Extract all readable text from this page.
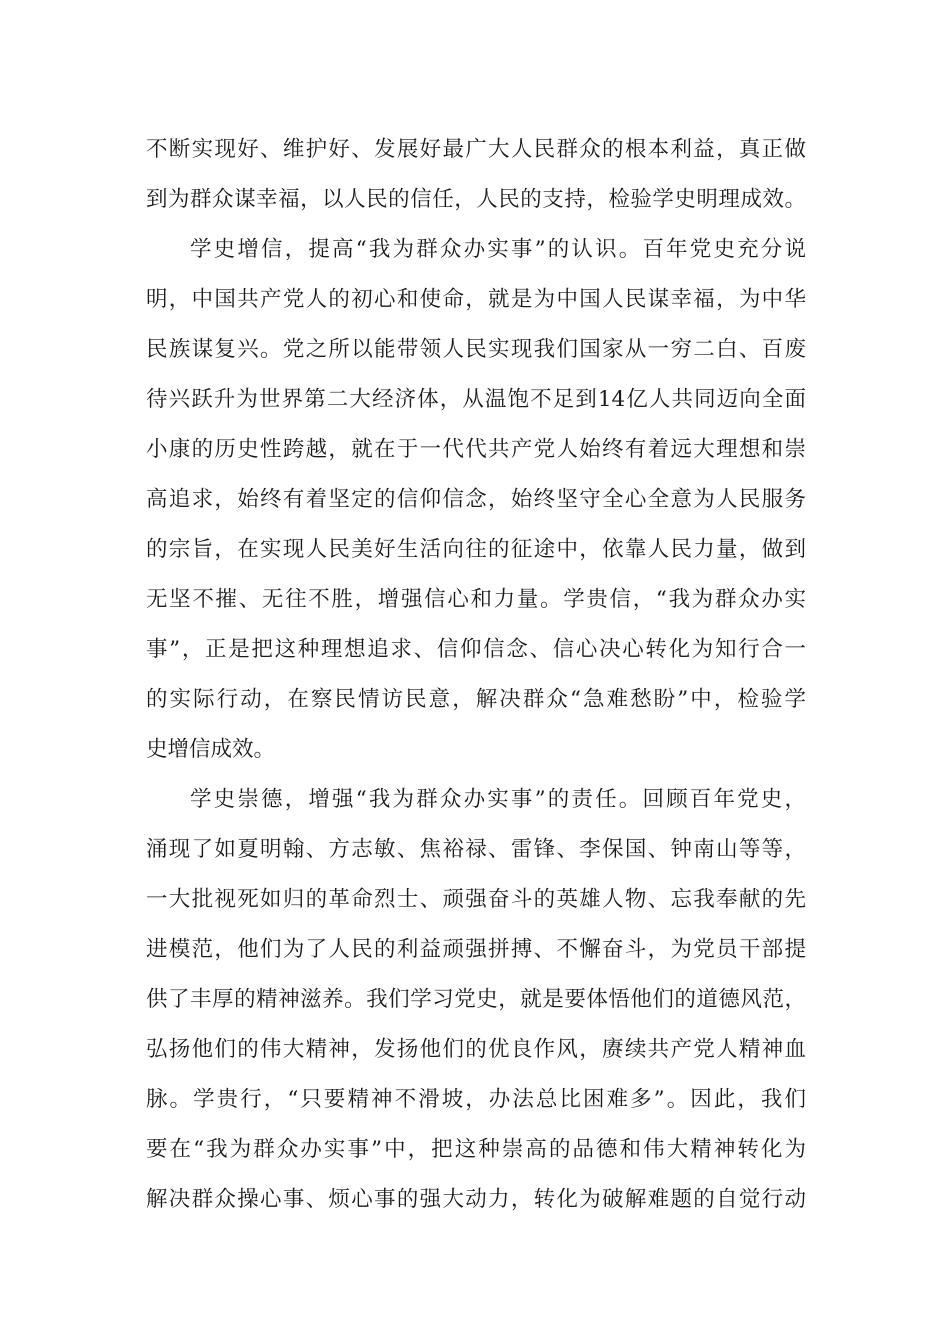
不断实现好、维护好、发展好最广大人民群众的根本利益，真正做
到为群众谋幸福，以人民的信任，人民的支持，检验学史明理成效。
学史增信，提高“我为群众办实事”的认识。百年党史充分说
明，中国共产党人的初心和使命，就是为中国人民谋幸福，为中华
民族谋复兴。党之所以能带领人民实现我们国家从一穷二白、百废
待兴跃升为世界第二大经济体，从温饱不足到14亿人共同迈向全面
小康的历史性跨越，就在于一代代共产党人始终有着远大理想和崇
高追求，始终有着坚定的信仰信念，始终坚守全心全意为人民服务
的宗旨，在实现人民美好生活向往的征途中，依靠人民力量，做到
无坚不摧、无往不胜，增强信心和力量。学贵信，“我为群众办实
事”，正是把这种理想追求、信仰信念、信心决心转化为知行合一
的实际行动，在察民情访民意，解决群众“急难愁盼”中，检验学
史增信成效。
学史崇德，增强“我为群众办实事”的责任。回顾百年党史，
涌现了如夏明翰、方志敏、焦裕禄、雷锋、李保国、钟南山等等，
一大批视死如归的革命烈士、顽强奋斗的英雄人物、忘我奉献的先
进模范，他们为了人民的利益顽强拼搏、不懈奋斗，为党员干部提
供了丰厚的精神滋养。我们学习党史，就是要体悟他们的道德风范，
弘扬他们的伟大精神，发扬他们的优良作风，赓续共产党人精神血
脉。学贵行，“只要精神不滑坡，办法总比困难多”。因此，我们
要在“我为群众办实事”中，把这种崇高的品德和伟大精神转化为
解决群众操心事、烦心事的强大动力，转化为破解难题的自觉行动
